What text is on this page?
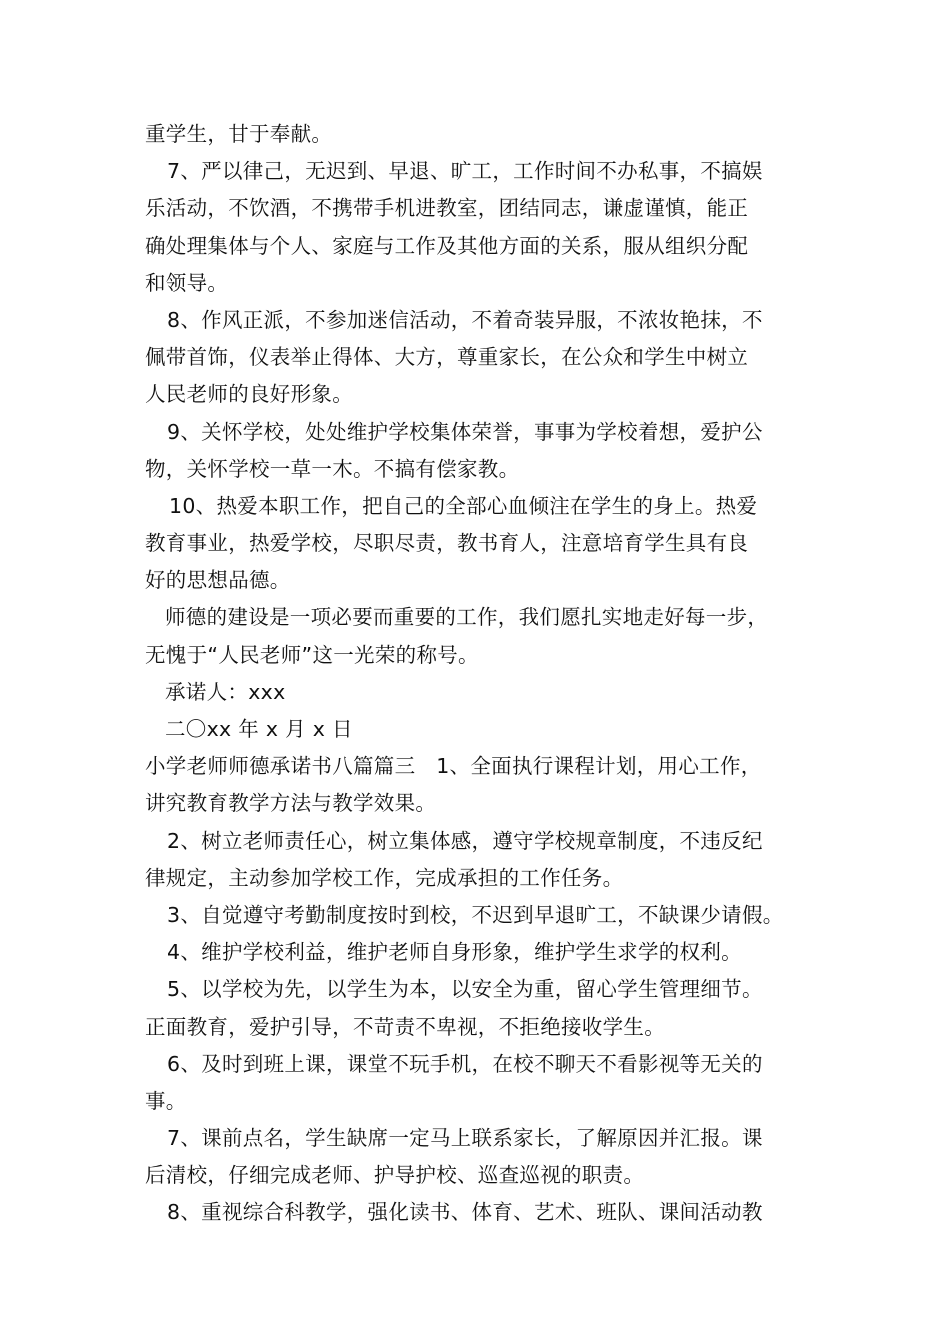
重学生，甘于奉献。
7、严以律己，无迟到、早退、旷工，工作时间不办私事，不搞娱
乐活动，不饮酒，不携带手机进教室，团结同志，谦虚谨慎，能正
确处理集体与个人、家庭与工作及其他方面的关系，服从组织分配
和领导。
8、作风正派，不参加迷信活动，不着奇装异服，不浓妆艳抹，不
佩带首饰，仪表举止得体、大方，尊重家长，在公众和学生中树立
人民老师的良好形象。
9、关怀学校，处处维护学校集体荣誉，事事为学校着想，爱护公
物，关怀学校一草一木。不搞有偿家教。
10、热爱本职工作，把自己的全部心血倾注在学生的身上。热爱
教育事业，热爱学校，尽职尽责，教书育人，注意培育学生具有良
好的思想品德。
师德的建设是一项必要而重要的工作，我们愿扎实地走好每一步，
无愧于“人民老师”这一光荣的称号。
承诺人：xxx
二〇xx 年 x 月 x 日
小学老师师德承诺书八篇篇三　1、全面执行课程计划，用心工作，
讲究教育教学方法与教学效果。
2、树立老师责任心，树立集体感，遵守学校规章制度，不违反纪
律规定，主动参加学校工作，完成承担的工作任务。
3、自觉遵守考勤制度按时到校，不迟到早退旷工，不缺课少请假。
4、维护学校利益，维护老师自身形象，维护学生求学的权利。
5、以学校为先，以学生为本，以安全为重，留心学生管理细节。
正面教育，爱护引导，不苛责不卑视，不拒绝接收学生。
6、及时到班上课，课堂不玩手机，在校不聊天不看影视等无关的
事。
7、课前点名，学生缺席一定马上联系家长，了解原因并汇报。课
后清校，仔细完成老师、护导护校、巡查巡视的职责。
8、重视综合科教学，强化读书、体育、艺术、班队、课间活动教
